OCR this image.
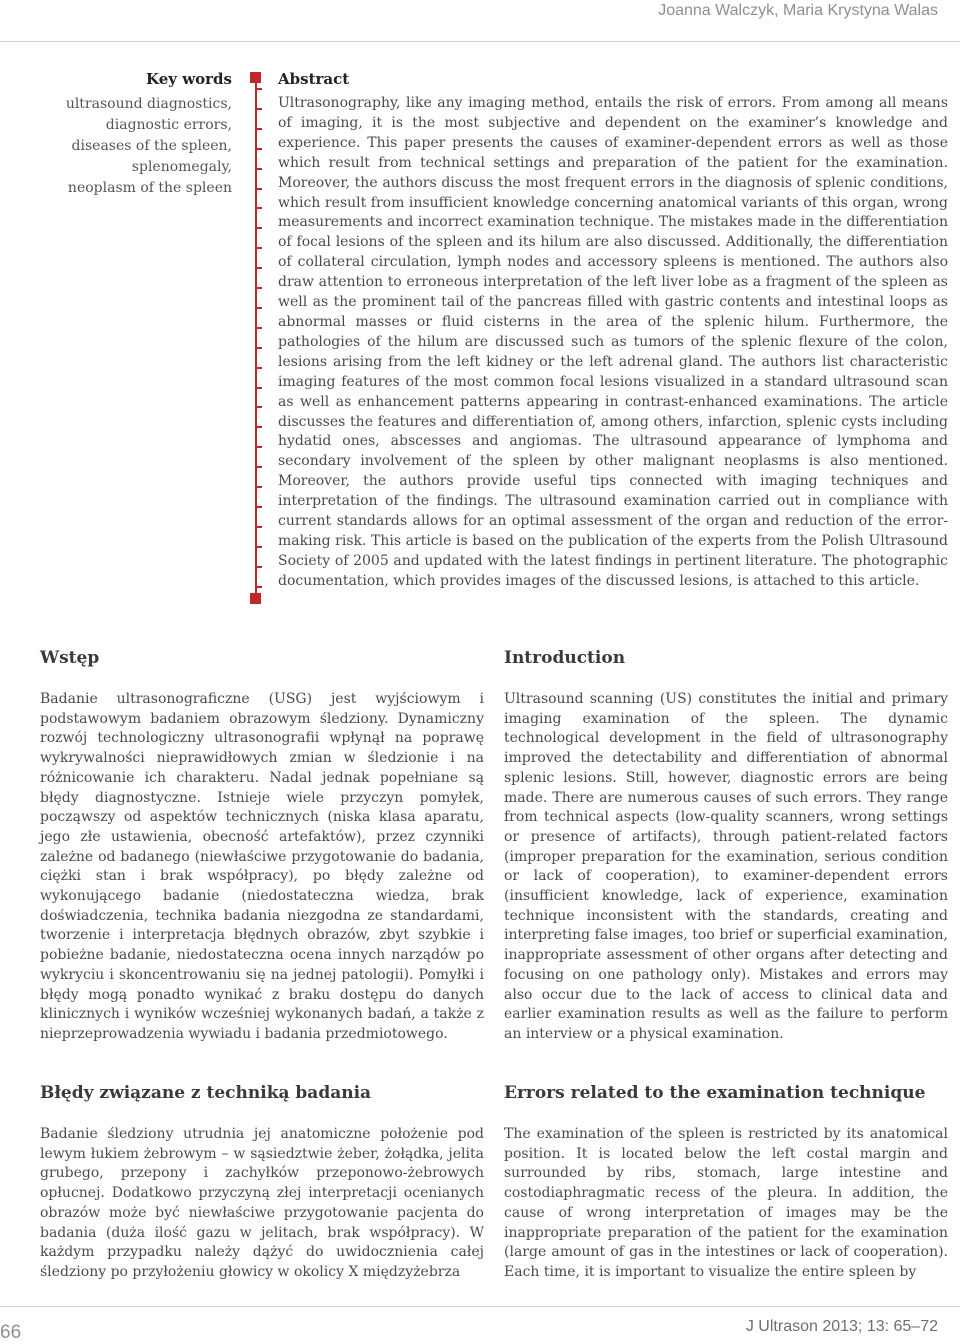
Joanna Walczyk, Maria Krystyna Walas
Key words
ultrasound diagnostics,
diagnostic errors,
diseases of the spleen,
splenomegaly,
neoplasm of the spleen
Abstract
Ultrasonography, like any imaging method, entails the risk of errors. From among all means of imaging, it is the most subjective and dependent on the examiner’s knowledge and experience. This paper presents the causes of examiner-dependent errors as well as those which result from technical settings and preparation of the patient for the examination. Moreover, the authors discuss the most frequent errors in the diagnosis of splenic conditions, which result from insufficient knowledge concerning anatomical variants of this organ, wrong measurements and incorrect examination technique. The mistakes made in the differentiation of focal lesions of the spleen and its hilum are also discussed. Additionally, the differentiation of collateral circulation, lymph nodes and accessory spleens is mentioned. The authors also draw attention to erroneous interpretation of the left liver lobe as a fragment of the spleen as well as the prominent tail of the pancreas filled with gastric contents and intestinal loops as abnormal masses or fluid cisterns in the area of the splenic hilum. Furthermore, the pathologies of the hilum are discussed such as tumors of the splenic flexure of the colon, lesions arising from the left kidney or the left adrenal gland. The authors list characteristic imaging features of the most common focal lesions visualized in a standard ultrasound scan as well as enhancement patterns appearing in contrast-enhanced examinations. The article discusses the features and differentiation of, among others, infarction, splenic cysts including hydatid ones, abscesses and angiomas. The ultrasound appearance of lymphoma and secondary involvement of the spleen by other malignant neoplasms is also mentioned. Moreover, the authors provide useful tips connected with imaging techniques and interpretation of the findings. The ultrasound examination carried out in compliance with current standards allows for an optimal assessment of the organ and reduction of the error-making risk. This article is based on the publication of the experts from the Polish Ultrasound Society of 2005 and updated with the latest findings in pertinent literature. The photographic documentation, which provides images of the discussed lesions, is attached to this article.
Wstęp
Badanie ultrasonograficzne (USG) jest wyjściowym i podstawowym badaniem obrazowym śledziony. Dynamiczny rozwój technologiczny ultrasonografii wpłynął na poprawę wykrywalności nieprawidłowych zmian w śledzionie i na różnicowanie ich charakteru. Nadal jednak popełniane są błędy diagnostyczne. Istnieje wiele przyczyn pomyłek, począwszy od aspektów technicznych (niska klasa aparatu, jego złe ustawienia, obecność artefaktów), przez czynniki zależne od badanego (niewłaściwe przygotowanie do badania, ciężki stan i brak współpracy), po błędy zależne od wykonującego badanie (niedostateczna wiedza, brak doświadczenia, technika badania niezgodna ze standardami, tworzenie i interpretacja błędnych obrazów, zbyt szybkie i pobieżne badanie, niedostateczna ocena innych narządów po wykryciu i skoncentrowaniu się na jednej patologii). Pomyłki i błędy mogą ponadto wynikać z braku dostępu do danych klinicznych i wyników wcześniej wykonanych badań, a także z nieprzeprowadzenia wywiadu i badania przedmiotowego.
Introduction
Ultrasound scanning (US) constitutes the initial and primary imaging examination of the spleen. The dynamic technological development in the field of ultrasonography improved the detectability and differentiation of abnormal splenic lesions. Still, however, diagnostic errors are being made. There are numerous causes of such errors. They range from technical aspects (low-quality scanners, wrong settings or presence of artifacts), through patient-related factors (improper preparation for the examination, serious condition or lack of cooperation), to examiner-dependent errors (insufficient knowledge, lack of experience, examination technique inconsistent with the standards, creating and interpreting false images, too brief or superficial examination, inappropriate assessment of other organs after detecting and focusing on one pathology only). Mistakes and errors may also occur due to the lack of access to clinical data and earlier examination results as well as the failure to perform an interview or a physical examination.
Błędy związane z techniką badania
Badanie śledziony utrudnia jej anatomiczne położenie pod lewym łukiem żebrowym – w sąsiedztwie żeber, żołądka, jelita grubego, przepony i zachyłków przeponowo-żebrowych opłucnej. Dodatkowo przyczyną złej interpretacji ocenianych obrazów może być niewłaściwe przygotowanie pacjenta do badania (duża ilość gazu w jelitach, brak współpracy). W każdym przypadku należy dążyć do uwidocznienia całej śledziony po przyłożeniu głowicy w okolicy X międzyżebrza
Errors related to the examination technique
The examination of the spleen is restricted by its anatomical position. It is located below the left costal margin and surrounded by ribs, stomach, large intestine and costodiaphragmatic recess of the pleura. In addition, the cause of wrong interpretation of images may be the inappropriate preparation of the patient for the examination (large amount of gas in the intestines or lack of cooperation). Each time, it is important to visualize the entire spleen by
66	J Ultrason 2013; 13: 65–72
